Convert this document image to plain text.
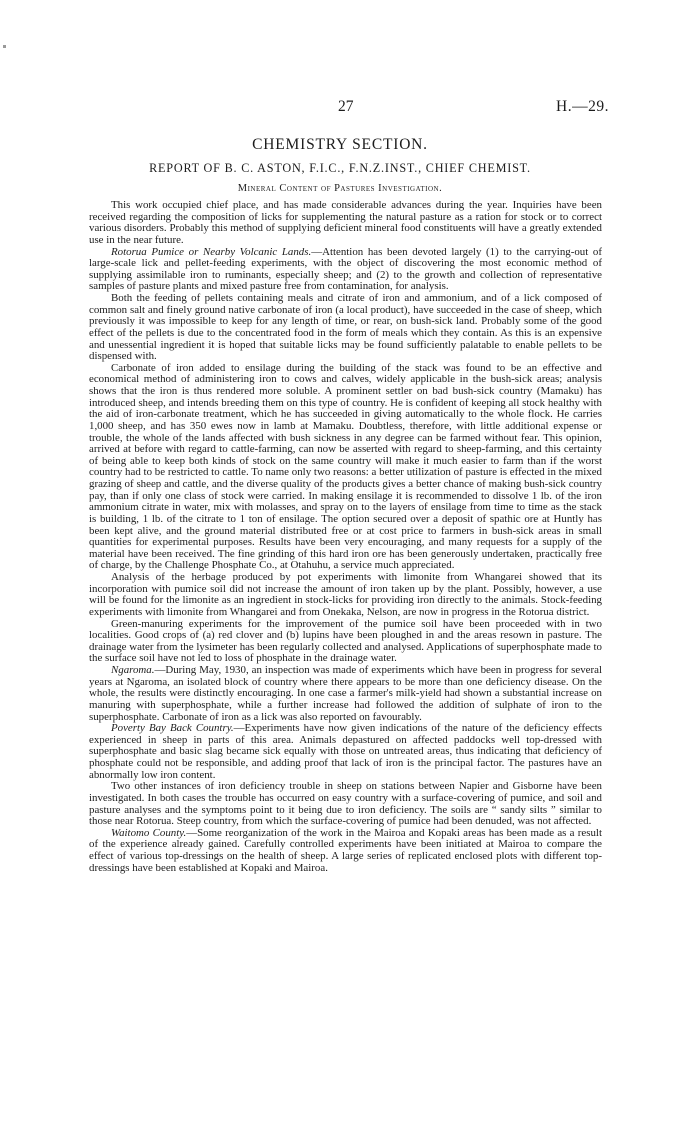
27	H.—29.
CHEMISTRY SECTION.
REPORT OF B. C. ASTON, F.I.C., F.N.Z.INST., CHIEF CHEMIST.
Mineral Content of Pastures Investigation.

This work occupied chief place, and has made considerable advances during the year. Inquiries have been received regarding the composition of licks for supplementing the natural pasture as a ration for stock or to correct various disorders. Probably this method of supplying deficient mineral food constituents will have a greatly extended use in the near future.

Rotorua Pumice or Nearby Volcanic Lands.—Attention has been devoted largely (1) to the carrying-out of large-scale lick and pellet-feeding experiments, with the object of discovering the most economic method of supplying assimilable iron to ruminants, especially sheep; and (2) to the growth and collection of representative samples of pasture plants and mixed pasture free from contamination, for analysis.

Both the feeding of pellets containing meals and citrate of iron and ammonium, and of a lick composed of common salt and finely ground native carbonate of iron (a local product), have succeeded in the case of sheep, which previously it was impossible to keep for any length of time, or rear, on bush-sick land. Probably some of the good effect of the pellets is due to the concentrated food in the form of meals which they contain. As this is an expensive and unessential ingredient it is hoped that suitable licks may be found sufficiently palatable to enable pellets to be dispensed with.

Carbonate of iron added to ensilage during the building of the stack was found to be an effective and economical method of administering iron to cows and calves, widely applicable in the bush-sick areas; analysis shows that the iron is thus rendered more soluble. A prominent settler on bad bush-sick country (Mamaku) has introduced sheep, and intends breeding them on this type of country. He is confident of keeping all stock healthy with the aid of iron-carbonate treatment, which he has succeeded in giving automatically to the whole flock. He carries 1,000 sheep, and has 350 ewes now in lamb at Mamaku. Doubtless, therefore, with little additional expense or trouble, the whole of the lands affected with bush sickness in any degree can be farmed without fear. This opinion, arrived at before with regard to cattle-farming, can now be asserted with regard to sheep-farming, and this certainty of being able to keep both kinds of stock on the same country will make it much easier to farm than if the worst country had to be restricted to cattle. To name only two reasons: a better utilization of pasture is effected in the mixed grazing of sheep and cattle, and the diverse quality of the products gives a better chance of making bush-sick country pay, than if only one class of stock were carried. In making ensilage it is recommended to dissolve 1 lb. of the iron ammonium citrate in water, mix with molasses, and spray on to the layers of ensilage from time to time as the stack is building, 1 lb. of the citrate to 1 ton of ensilage. The option secured over a deposit of spathic ore at Huntly has been kept alive, and the ground material distributed free or at cost price to farmers in bush-sick areas in small quantities for experimental purposes. Results have been very encouraging, and many requests for a supply of the material have been received. The fine grinding of this hard iron ore has been generously undertaken, practically free of charge, by the Challenge Phosphate Co., at Otahuhu, a service much appreciated.

Analysis of the herbage produced by pot experiments with limonite from Whangarei showed that its incorporation with pumice soil did not increase the amount of iron taken up by the plant. Possibly, however, a use will be found for the limonite as an ingredient in stock-licks for providing iron directly to the animals. Stock-feeding experiments with limonite from Whangarei and from Onekaka, Nelson, are now in progress in the Rotorua district.

Green-manuring experiments for the improvement of the pumice soil have been proceeded with in two localities. Good crops of (a) red clover and (b) lupins have been ploughed in and the areas resown in pasture. The drainage water from the lysimeter has been regularly collected and analysed. Applications of superphosphate made to the surface soil have not led to loss of phosphate in the drainage water.

Ngaroma.—During May, 1930, an inspection was made of experiments which have been in progress for several years at Ngaroma, an isolated block of country where there appears to be more than one deficiency disease. On the whole, the results were distinctly encouraging. In one case a farmer's milk-yield had shown a substantial increase on manuring with superphosphate, while a further increase had followed the addition of sulphate of iron to the superphosphate. Carbonate of iron as a lick was also reported on favourably.

Poverty Bay Back Country.—Experiments have now given indications of the nature of the deficiency effects experienced in sheep in parts of this area. Animals depastured on affected paddocks well top-dressed with superphosphate and basic slag became sick equally with those on untreated areas, thus indicating that deficiency of phosphate could not be responsible, and adding proof that lack of iron is the principal factor. The pastures have an abnormally low iron content.

Two other instances of iron deficiency trouble in sheep on stations between Napier and Gisborne have been investigated. In both cases the trouble has occurred on easy country with a surface-covering of pumice, and soil and pasture analyses and the symptoms point to it being due to iron deficiency. The soils are “ sandy silts ” similar to those near Rotorua. Steep country, from which the surface-covering of pumice had been denuded, was not affected.

Waitomo County.—Some reorganization of the work in the Mairoa and Kopaki areas has been made as a result of the experience already gained. Carefully controlled experiments have been initiated at Mairoa to compare the effect of various top-dressings on the health of sheep. A large series of replicated enclosed plots with different top-dressings have been established at Kopaki and Mairoa.
